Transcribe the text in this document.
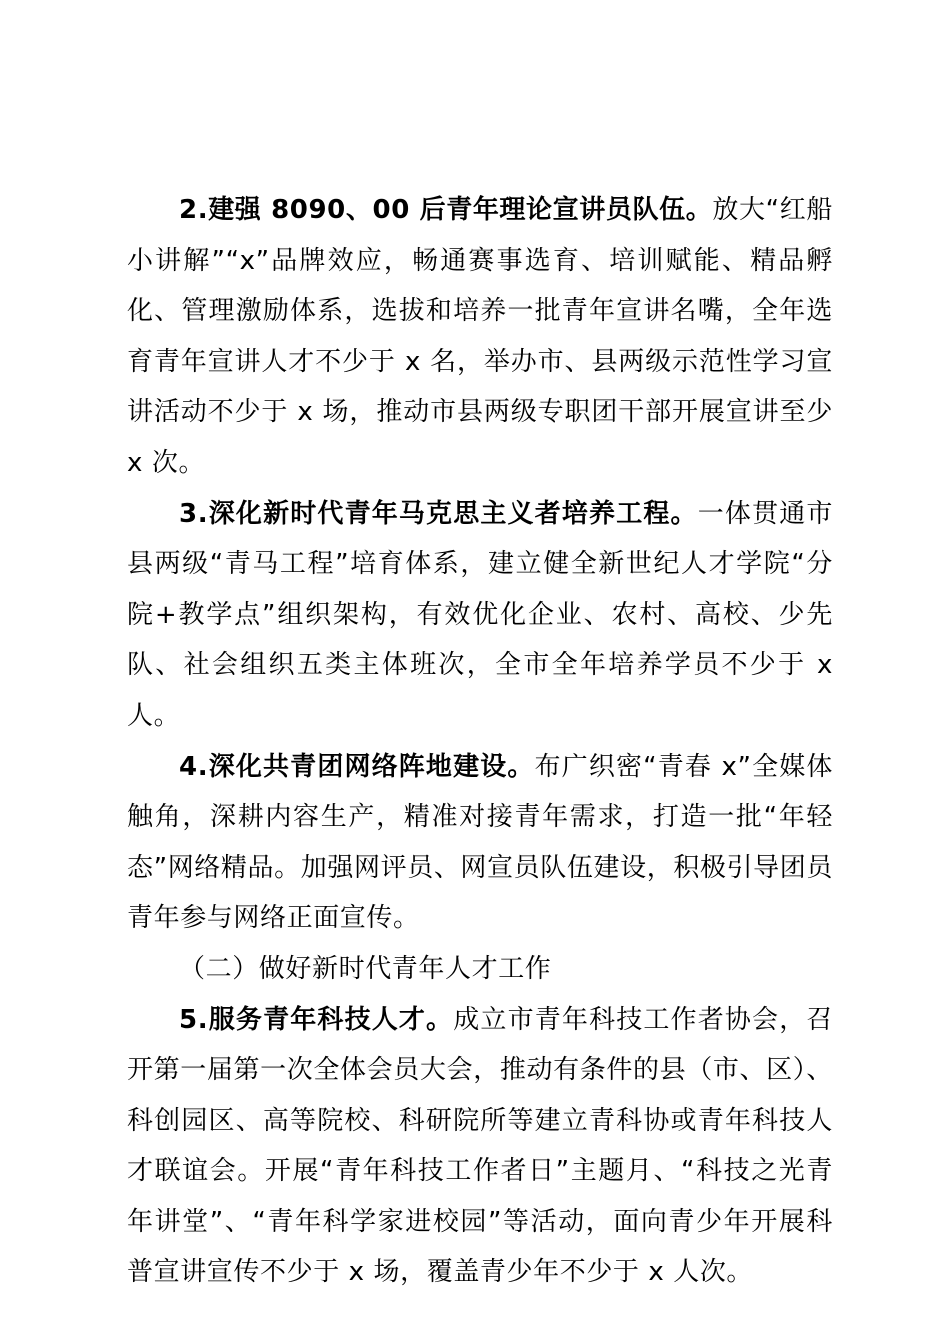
2.建强 8090、00 后青年理论宣讲员队伍。放大“红船小讲解”“x”品牌效应，畅通赛事选育、培训赋能、精品孵化、管理激励体系，选拔和培养一批青年宣讲名嘴，全年选育青年宣讲人才不少于 x 名，举办市、县两级示范性学习宣讲活动不少于 x 场，推动市县两级专职团干部开展宣讲至少 x 次。

3.深化新时代青年马克思主义者培养工程。一体贯通市县两级“青马工程”培育体系，建立健全新世纪人才学院“分院+教学点”组织架构，有效优化企业、农村、高校、少先队、社会组织五类主体班次，全市全年培养学员不少于 x 人。

4.深化共青团网络阵地建设。布广织密“青春 x”全媒体触角，深耕内容生产，精准对接青年需求，打造一批“年轻态”网络精品。加强网评员、网宣员队伍建设，积极引导团员青年参与网络正面宣传。

（二）做好新时代青年人才工作

5.服务青年科技人才。成立市青年科技工作者协会，召开第一届第一次全体会员大会，推动有条件的县（市、区）、科创园区、高等院校、科研院所等建立青科协或青年科技人才联谊会。开展“青年科技工作者日”主题月、“科技之光青年讲堂”、“青年科学家进校园”等活动，面向青少年开展科普宣讲宣传不少于 x 场，覆盖青少年不少于 x 人次。
